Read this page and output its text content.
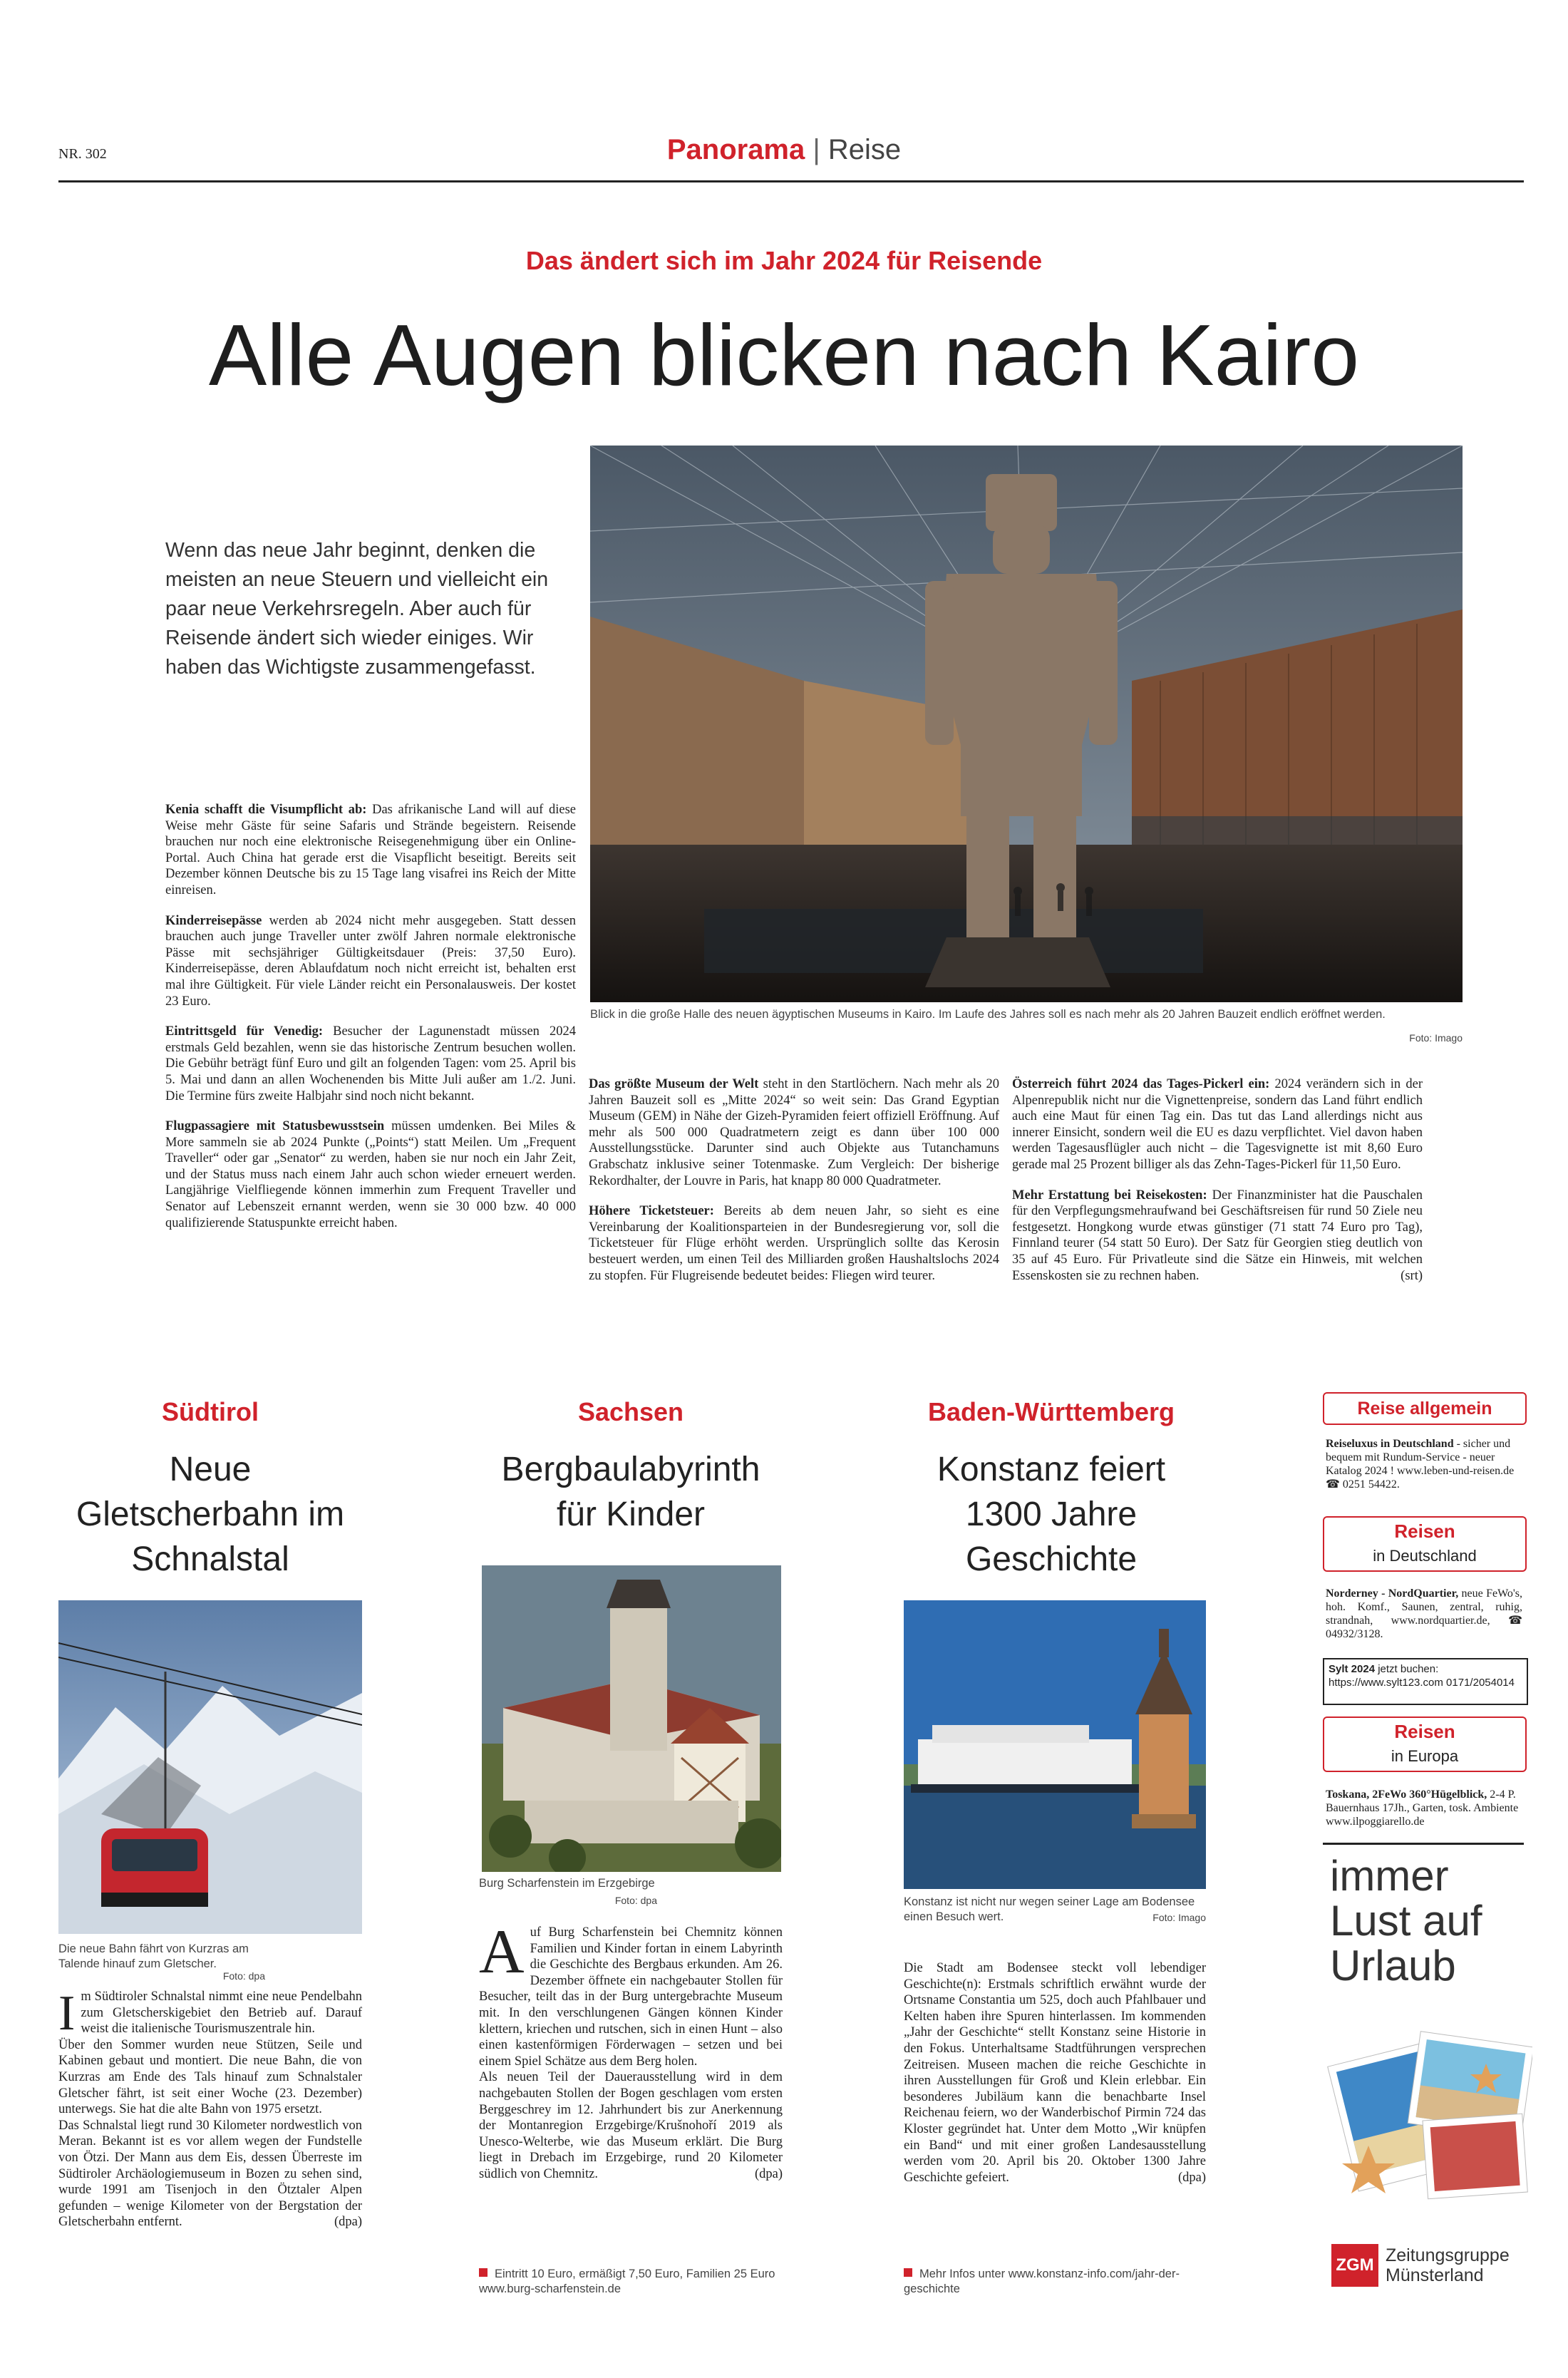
NR. 302	Panorama | Reise
Das ändert sich im Jahr 2024 für Reisende
Alle Augen blicken nach Kairo
Wenn das neue Jahr beginnt, denken die meisten an neue Steuern und vielleicht ein paar neue Verkehrsregeln. Aber auch für Reisende ändert sich wieder einiges. Wir haben das Wichtigste zusammengefasst.
Blick in die große Halle des neuen ägyptischen Museums in Kairo. Im Laufe des Jahres soll es nach mehr als 20 Jahren Bauzeit endlich eröffnet werden.
Foto: Imago

Kenia schafft die Visumpflicht ab: Das afrikanische Land will auf diese Weise mehr Gäste für seine Safaris und Strände begeistern. Reisende brauchen nur noch eine elektronische Reisegenehmigung über ein Online-Portal. Auch China hat gerade erst die Visapflicht beseitigt. Bereits seit Dezember können Deutsche bis zu 15 Tage lang visafrei ins Reich der Mitte einreisen.

Kinderreisepässe werden ab 2024 nicht mehr ausgegeben. Statt dessen brauchen auch junge Traveller unter zwölf Jahren normale elektronische Pässe mit sechsjähriger Gültigkeitsdauer (Preis: 37,50 Euro). Kinderreisepässe, deren Ablaufdatum noch nicht erreicht ist, behalten erst mal ihre Gültigkeit. Für viele Länder reicht ein Personalausweis. Der kostet 23 Euro.

Eintrittsgeld für Venedig: Besucher der Lagunenstadt müssen 2024 erstmals Geld bezahlen, wenn sie das historische Zentrum besuchen wollen. Die Gebühr beträgt fünf Euro und gilt an folgenden Tagen: vom 25. April bis 5. Mai und dann an allen Wochenenden bis Mitte Juli außer am 1./2. Juni. Die Termine fürs zweite Halbjahr sind noch nicht bekannt.

Flugpassagiere mit Statusbewusstsein müssen umdenken. Bei Miles & More sammeln sie ab 2024 Punkte („Points“) statt Meilen. Um „Frequent Traveller“ oder gar „Senator“ zu werden, haben sie nur noch ein Jahr Zeit, und der Status muss nach einem Jahr auch schon wieder erneuert werden. Langjährige Vielfliegende können immerhin zum Frequent Traveller und Senator auf Lebenszeit ernannt werden, wenn sie 30 000 bzw. 40 000 qualifizierende Statuspunkte erreicht haben.

Das größte Museum der Welt steht in den Startlöchern. Nach mehr als 20 Jahren Bauzeit soll es „Mitte 2024“ so weit sein: Das Grand Egyptian Museum (GEM) in Nähe der Gizeh-Pyramiden feiert offiziell Eröffnung. Auf mehr als 500 000 Quadratmetern zeigt es dann über 100 000 Ausstellungsstücke. Darunter sind auch Objekte aus Tutanchamuns Grabschatz inklusive seiner Totenmaske. Zum Vergleich: Der bisherige Rekordhalter, der Louvre in Paris, hat knapp 80 000 Quadratmeter.

Höhere Ticketsteuer: Bereits ab dem neuen Jahr, so sieht es eine Vereinbarung der Koalitionsparteien in der Bundesregierung vor, soll die Ticketsteuer für Flüge erhöht werden. Ursprünglich sollte das Kerosin besteuert werden, um einen Teil des Milliarden großen Haushaltslochs 2024 zu stopfen. Für Flugreisende bedeutet beides: Fliegen wird teurer.

Österreich führt 2024 das Tages-Pickerl ein: 2024 verändern sich in der Alpenrepublik nicht nur die Vignettenpreise, sondern das Land führt endlich auch eine Maut für einen Tag ein. Das tut das Land allerdings nicht aus innerer Einsicht, sondern weil die EU es dazu verpflichtet. Viel davon haben werden Tagesausflügler auch nicht – die Tagesvignette ist mit 8,60 Euro gerade mal 25 Prozent billiger als das Zehn-Tages-Pickerl für 11,50 Euro.

Mehr Erstattung bei Reisekosten: Der Finanzminister hat die Pauschalen für den Verpflegungsmehraufwand bei Geschäftsreisen für rund 50 Ziele neu festgesetzt. Hongkong wurde etwas günstiger (71 statt 74 Euro pro Tag), Finnland teurer (54 statt 50 Euro). Der Satz für Georgien stieg deutlich von 35 auf 45 Euro. Für Privatleute sind die Sätze ein Hinweis, mit welchen Essenskosten sie zu rechnen haben.	(srt)

Südtirol
Neue Gletscherbahn im Schnalstal
Die neue Bahn fährt von Kurzras am Talende hinauf zum Gletscher.
Foto: dpa
Im Südtiroler Schnalstal nimmt eine neue Pendelbahn zum Gletscherskigebiet den Betrieb auf. Darauf weist die italienische Tourismuszentrale hin.
Über den Sommer wurden neue Stützen, Seile und Kabinen gebaut und montiert. Die neue Bahn, die von Kurzras am Ende des Tals hinauf zum Schnalstaler Gletscher fährt, ist seit einer Woche (23. Dezember) unterwegs. Sie hat die alte Bahn von 1975 ersetzt.
Das Schnalstal liegt rund 30 Kilometer nordwestlich von Meran. Bekannt ist es vor allem wegen der Fundstelle von Ötzi. Der Mann aus dem Eis, dessen Überreste im Südtiroler Archäologiemuseum in Bozen zu sehen sind, wurde 1991 am Tisenjoch in den Ötztaler Alpen gefunden – wenige Kilometer von der Bergstation der Gletscherbahn entfernt.	(dpa)
Sachsen
Bergbaulabyrinth für Kinder
Burg Scharfenstein im Erzgebirge
Foto: dpa
Auf Burg Scharfenstein bei Chemnitz können Familien und Kinder fortan in einem Labyrinth die Geschichte des Bergbaus erkunden. Am 26. Dezember öffnete ein nachgebauter Stollen für Besucher, teilt das in der Burg untergebrachte Museum mit. In den verschlungenen Gängen können Kinder klettern, kriechen und rutschen, sich in einen Hunt – also einen kastenförmigen Förderwagen – setzen und bei einem Spiel Schätze aus dem Berg holen.
Als neuen Teil der Dauerausstellung wird in dem nachgebauten Stollen der Bogen geschlagen vom ersten Berggeschrey im 12. Jahrhundert bis zur Anerkennung der Montanregion Erzgebirge/Krušnohoří 2019 als Unesco-Welterbe, wie das Museum erklärt. Die Burg liegt in Drebach im Erzgebirge, rund 20 Kilometer südlich von Chemnitz.	(dpa)
Eintritt 10 Euro, ermäßigt 7,50 Euro, Familien 25 Euro www.burg-scharfenstein.de
Baden-Württemberg
Konstanz feiert 1300 Jahre Geschichte
Konstanz ist nicht nur wegen seiner Lage am Bodensee einen Besuch wert.	Foto: Imago
Die Stadt am Bodensee steckt voll lebendiger Geschichte(n): Erstmals schriftlich erwähnt wurde der Ortsname Constantia um 525, doch auch Pfahlbauer und Kelten haben ihre Spuren hinterlassen. Im kommenden „Jahr der Geschichte“ stellt Konstanz seine Historie in den Fokus. Unterhaltsame Stadtführungen versprechen Zeitreisen. Museen machen die reiche Geschichte in ihren Ausstellungen für Groß und Klein erlebbar. Ein besonderes Jubiläum kann die benachbarte Insel Reichenau feiern, wo der Wanderbischof Pirmin 724 das Kloster gegründet hat. Unter dem Motto „Wir knüpfen ein Band“ und mit einer großen Landesausstellung werden vom 20. April bis 20. Oktober 1300 Jahre Geschichte gefeiert.	(dpa)
Mehr Infos unter www.konstanz-info.com/jahr-der-geschichte
Reise allgemein
Reiseluxus in Deutschland - sicher und bequem mit Rundum-Service - neuer Katalog 2024 ! www.leben-und-reisen.de ☎ 0251 54422.
Reisen
in Deutschland
Norderney - NordQuartier, neue FeWo's, hoh. Komf., Saunen, zentral, ruhig, strandnah, www.nordquartier.de, ☎ 04932/3128.
Sylt 2024 jetzt buchen: https://www.sylt123.com 0171/2054014
Reisen
in Europa
Toskana, 2FeWo 360°Hügelblick, 2-4 P. Bauernhaus 17Jh., Garten, tosk. Ambiente www.ilpoggiarello.de
immer Lust auf Urlaub
ZGM Zeitungsgruppe Münsterland
